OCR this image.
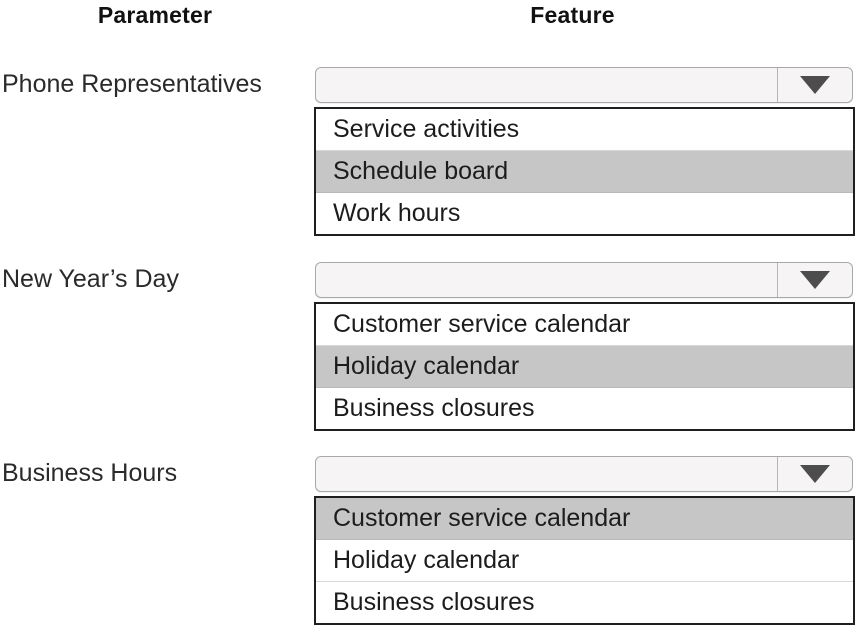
Parameter	Feature
Phone Representatives
Service activities
Schedule board
Work hours
New Year’s Day
Customer service calendar
Holiday calendar
Business closures
Business Hours
Customer service calendar
Holiday calendar
Business closures
